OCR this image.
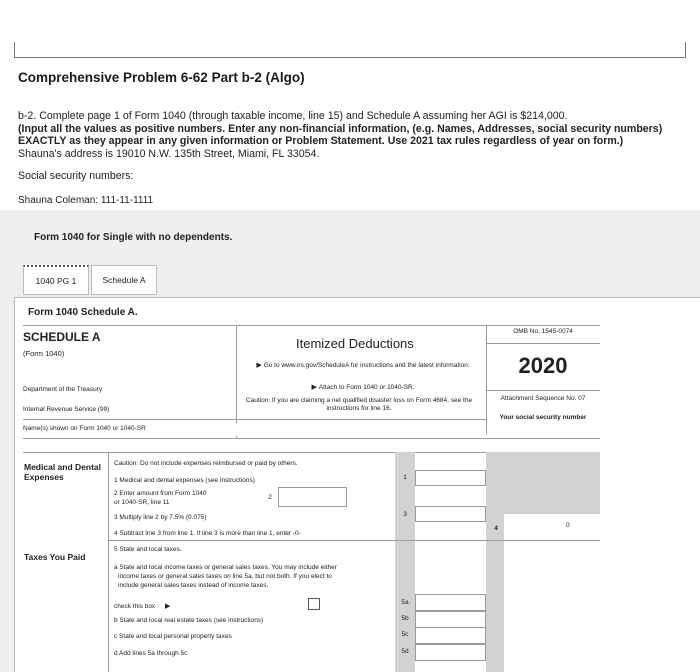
Comprehensive Problem 6-62 Part b-2 (Algo)
b-2. Complete page 1 of Form 1040 (through taxable income, line 15) and Schedule A assuming her AGI is $214,000.
(Input all the values as positive numbers. Enter any non-financial information, (e.g. Names, Addresses, social security numbers)
EXACTLY as they appear in any given information or Problem Statement. Use 2021 tax rules regardless of year on form.)
Shauna's address is 19010 N.W. 135th Street, Miami, FL 33054.
Social security numbers:
Shauna Coleman: 111-11-1111
Form 1040 for Single with no dependents.
1040 PG 1	Schedule A
Form 1040 Schedule A.
SCHEDULE A
(Form 1040)
Department of the Treasury
Internal Revenue Service (99)
Name(s) shown on Form 1040 or 1040-SR
Itemized Deductions
▶ Go to www.irs.gov/ScheduleA for instructions and the latest information.
▶ Attach to Form 1040 or 1040-SR.
Caution: If you are claiming a net qualified disaster loss on Form 4684, see the instructions for line 16.
OMB No. 1545-0074
2020
Attachment Sequence No. 07
Your social security number
Medical and Dental Expenses
Caution: Do not include expenses reimbursed or paid by others.
1 Medical and dental expenses (see instructions)	1
2 Enter amount from Form 1040
or 1040-SR, line 11
2
3 Multiply line 2 by 7.5% (0.075)	3
4 Subtract line 3 from line 1. If line 3 is more than line 1, enter -0-
4	0
Taxes You Paid
5 State and local taxes.
a State and local income taxes or general sales taxes. You may include either
income taxes or general sales taxes on line 5a, but not both. If you elect to
include general sales taxes instead of income taxes,
check this box ▶
5a
b State and local real estate taxes (see instructions)	5b
c State and local personal property taxes	5c
d Add lines 5a through 5c	5d
